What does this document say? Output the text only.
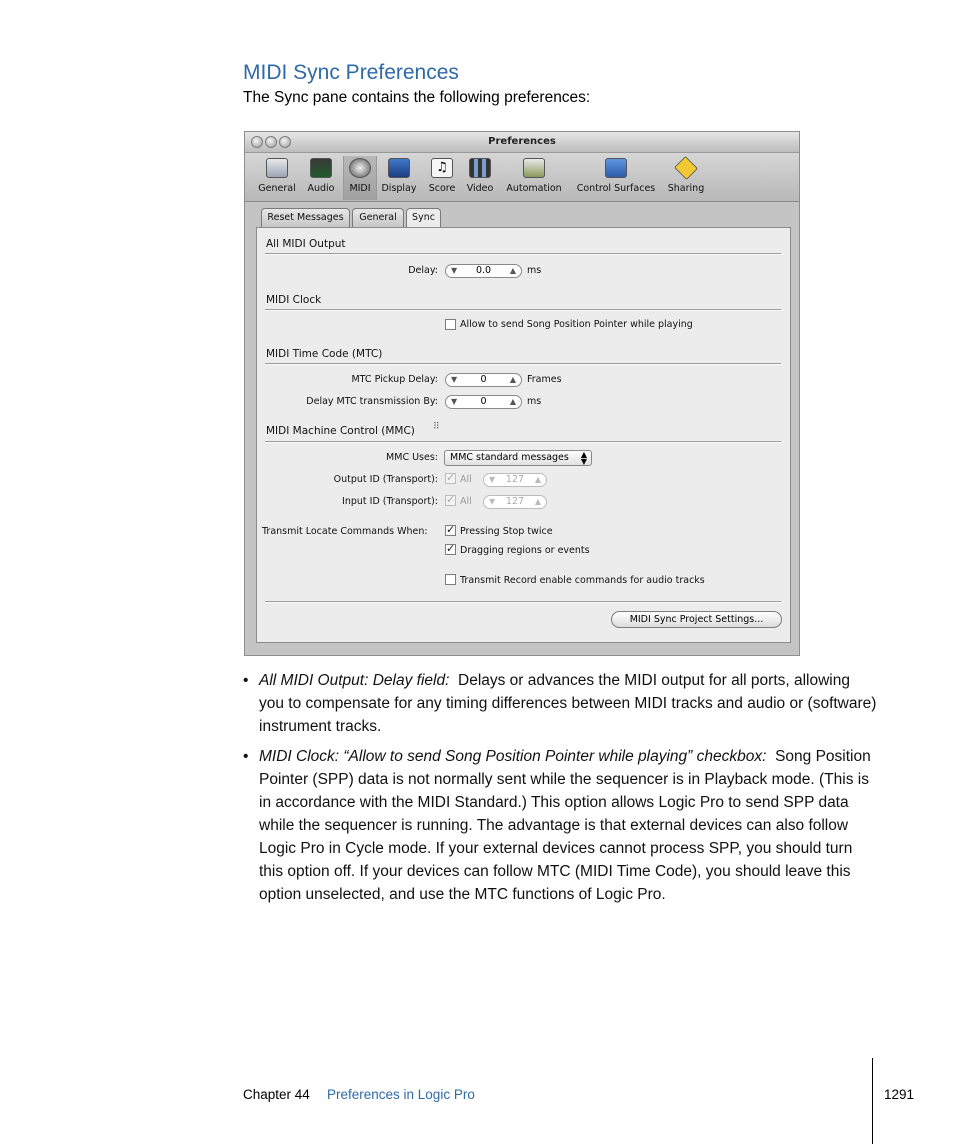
MIDI Sync Preferences
The Sync pane contains the following preferences:
Preferences
General	Audio	MIDI	Display
♫
Score	Video	Automation	Control Surfaces	Sharing
Reset Messages	General	Sync
All MIDI Output
Delay: ▼	0.0	▲ ms
MIDI Clock
Allow to send Song Position Pointer while playing
MIDI Time Code (MTC)
MTC Pickup Delay: ▼	0	▲ Frames
Delay MTC transmission By: ▼	0	▲ ms
MIDI Machine Control (MMC) ⠿
MMC Uses:	MMC standard messages ▲
▼
Output ID (Transport): ✓ All ▼	127	▲
Input ID (Transport): ✓ All ▼	127	▲
Transmit Locate Commands When:	✓ Pressing Stop twice
✓ Dragging regions or events
Transmit Record enable commands for audio tracks
MIDI Sync Project Settings...
• All MIDI Output: Delay field: Delays or advances the MIDI output for all ports, allowing you to compensate for any timing differences between MIDI tracks and audio or (software) instrument tracks.
• MIDI Clock: “Allow to send Song Position Pointer while playing” checkbox: Song Position Pointer (SPP) data is not normally sent while the sequencer is in Playback mode. (This is in accordance with the MIDI Standard.) This option allows Logic Pro to send SPP data while the sequencer is running. The advantage is that external devices can also follow Logic Pro in Cycle mode. If your external devices cannot process SPP, you should turn this option off. If your devices can follow MTC (MIDI Time Code), you should leave this option unselected, and use the MTC functions of Logic Pro.
Chapter 44 Preferences in Logic Pro	1291
